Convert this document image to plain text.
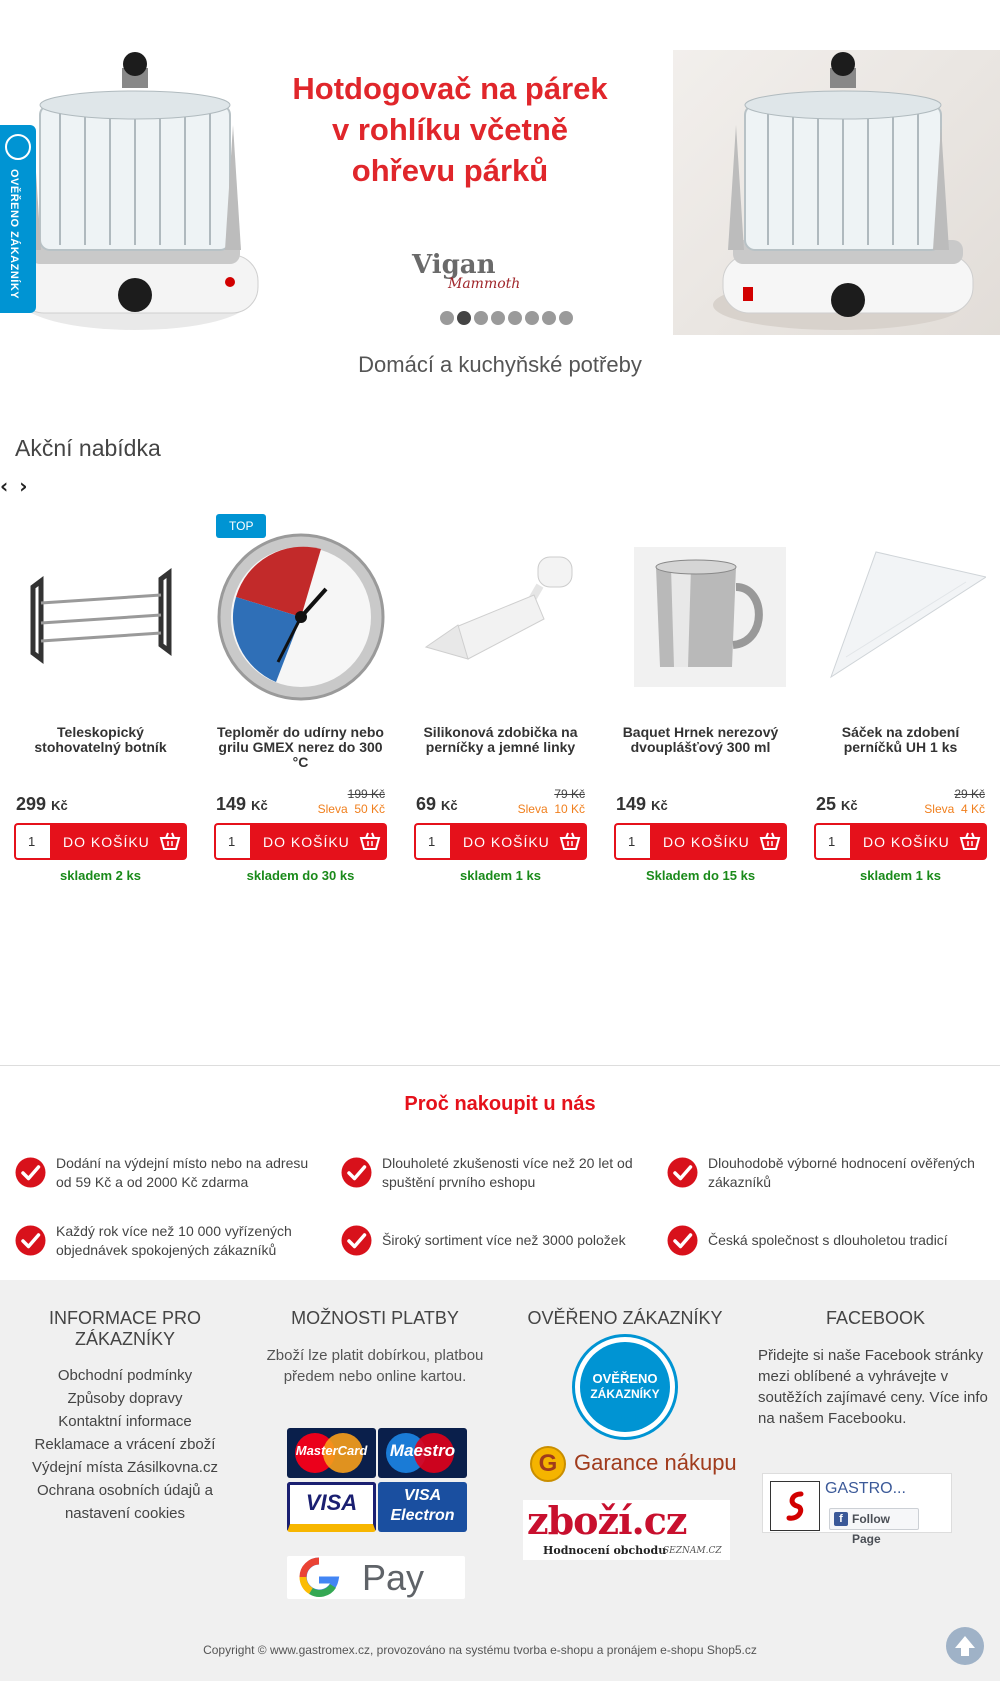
Hotdogovač na párek
v rohlíku včetně
ohřevu párků
Vigan
Mammoth
OVĚŘENO ZÁKAZNÍKY
Domácí a kuchyňské potřeby
Akční nabídka
‹ ›
Teleskopický stohovatelný botník
299 Kč
1	DO KOŠÍKU
skladem 2 ks
TOP
Teploměr do udírny nebo grilu GMEX nerez do 300 °C
149 Kč
199 Kč
Sleva 50 Kč
1	DO KOŠÍKU
skladem do 30 ks
Silikonová zdobička na perníčky a jemné linky
69 Kč
79 Kč
Sleva 10 Kč
1	DO KOŠÍKU
skladem 1 ks
Baquet Hrnek nerezový dvouplášťový 300 ml
149 Kč
1	DO KOŠÍKU
Skladem do 15 ks
Sáček na zdobení perníčků UH 1 ks
25 Kč
29 Kč
Sleva 4 Kč
1	DO KOŠÍKU
skladem 1 ks
Proč nakoupit u nás
Dodání na výdejní místo nebo na adresu od 59 Kč a od 2000 Kč zdarma
Dlouholeté zkušenosti více než 20 let od spuštění prvního eshopu
Dlouhodobě výborné hodnocení ověřených zákazníků
Každý rok více než 10 000 vyřízených objednávek spokojených zákazníků
Široký sortiment více než 3000 položek	Česká společnost s dlouholetou tradicí
INFORMACE PRO ZÁKAZNÍKY
Obchodní podmínky
Způsoby dopravy
Kontaktní informace
Reklamace a vrácení zboží
Výdejní místa Zásilkovna.cz
Ochrana osobních údajů a nastavení cookies
MOŽNOSTI PLATBY
Zboží lze platit dobírkou, platbou předem nebo online kartou.
MasterCard	Maestro
VISA	VISA Electron
Pay
OVĚŘENO ZÁKAZNÍKY
OVĚŘENO
ZÁKAZNÍKY
Heureka
G Garance nákupu
zboží.cz
Hodnocení obchodu
SEZNAM.CZ
FACEBOOK
Přidejte si naše Facebook stránky mezi oblíbené a vyhrávejte v soutěžích zajímavé ceny. Více info na našem Facebooku.
GASTRO...
f Follow Page
Copyright © www.gastromex.cz, provozováno na systému tvorba e-shopu a pronájem e-shopu Shop5.cz
